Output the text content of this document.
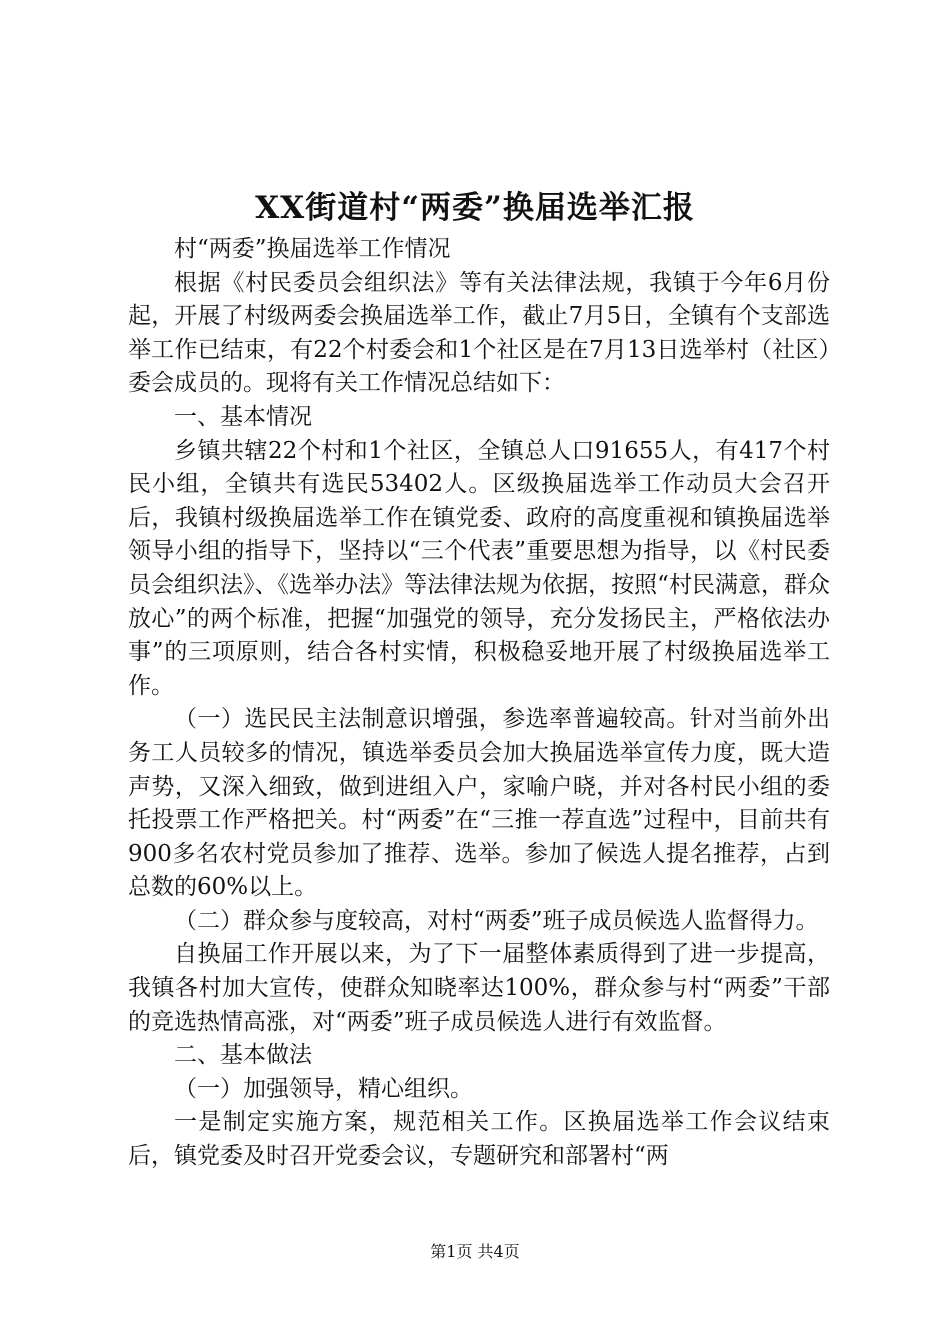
XX街道村“两委”换届选举汇报

村“两委”换届选举工作情况

根据《村民委员会组织法》等有关法律法规，我镇于今年6月份起，开展了村级两委会换届选举工作，截止7月5日，全镇有个支部选举工作已结束，有22个村委会和1个社区是在7月13日选举村（社区）委会成员的。现将有关工作情况总结如下：

一、基本情况

乡镇共辖22个村和1个社区，全镇总人口91655人，有417个村民小组，全镇共有选民53402人。区级换届选举工作动员大会召开后，我镇村级换届选举工作在镇党委、政府的高度重视和镇换届选举领导小组的指导下，坚持以“三个代表”重要思想为指导，以《村民委员会组织法》、《选举办法》等法律法规为依据，按照“村民满意，群众放心”的两个标准，把握“加强党的领导，充分发扬民主，严格依法办事”的三项原则，结合各村实情，积极稳妥地开展了村级换届选举工作。

（一）选民民主法制意识增强，参选率普遍较高。针对当前外出务工人员较多的情况，镇选举委员会加大换届选举宣传力度，既大造声势，又深入细致，做到进组入户，家喻户晓，并对各村民小组的委托投票工作严格把关。村“两委”在“三推一荐直选”过程中，目前共有900多名农村党员参加了推荐、选举。参加了候选人提名推荐，占到总数的60%以上。

（二）群众参与度较高，对村“两委”班子成员候选人监督得力。

自换届工作开展以来，为了下一届整体素质得到了进一步提高，我镇各村加大宣传，使群众知晓率达100%，群众参与村“两委”干部的竞选热情高涨，对“两委”班子成员候选人进行有效监督。

二、基本做法

（一）加强领导，精心组织。

一是制定实施方案，规范相关工作。区换届选举工作会议结束后，镇党委及时召开党委会议，专题研究和部署村“两

第1页 共4页
